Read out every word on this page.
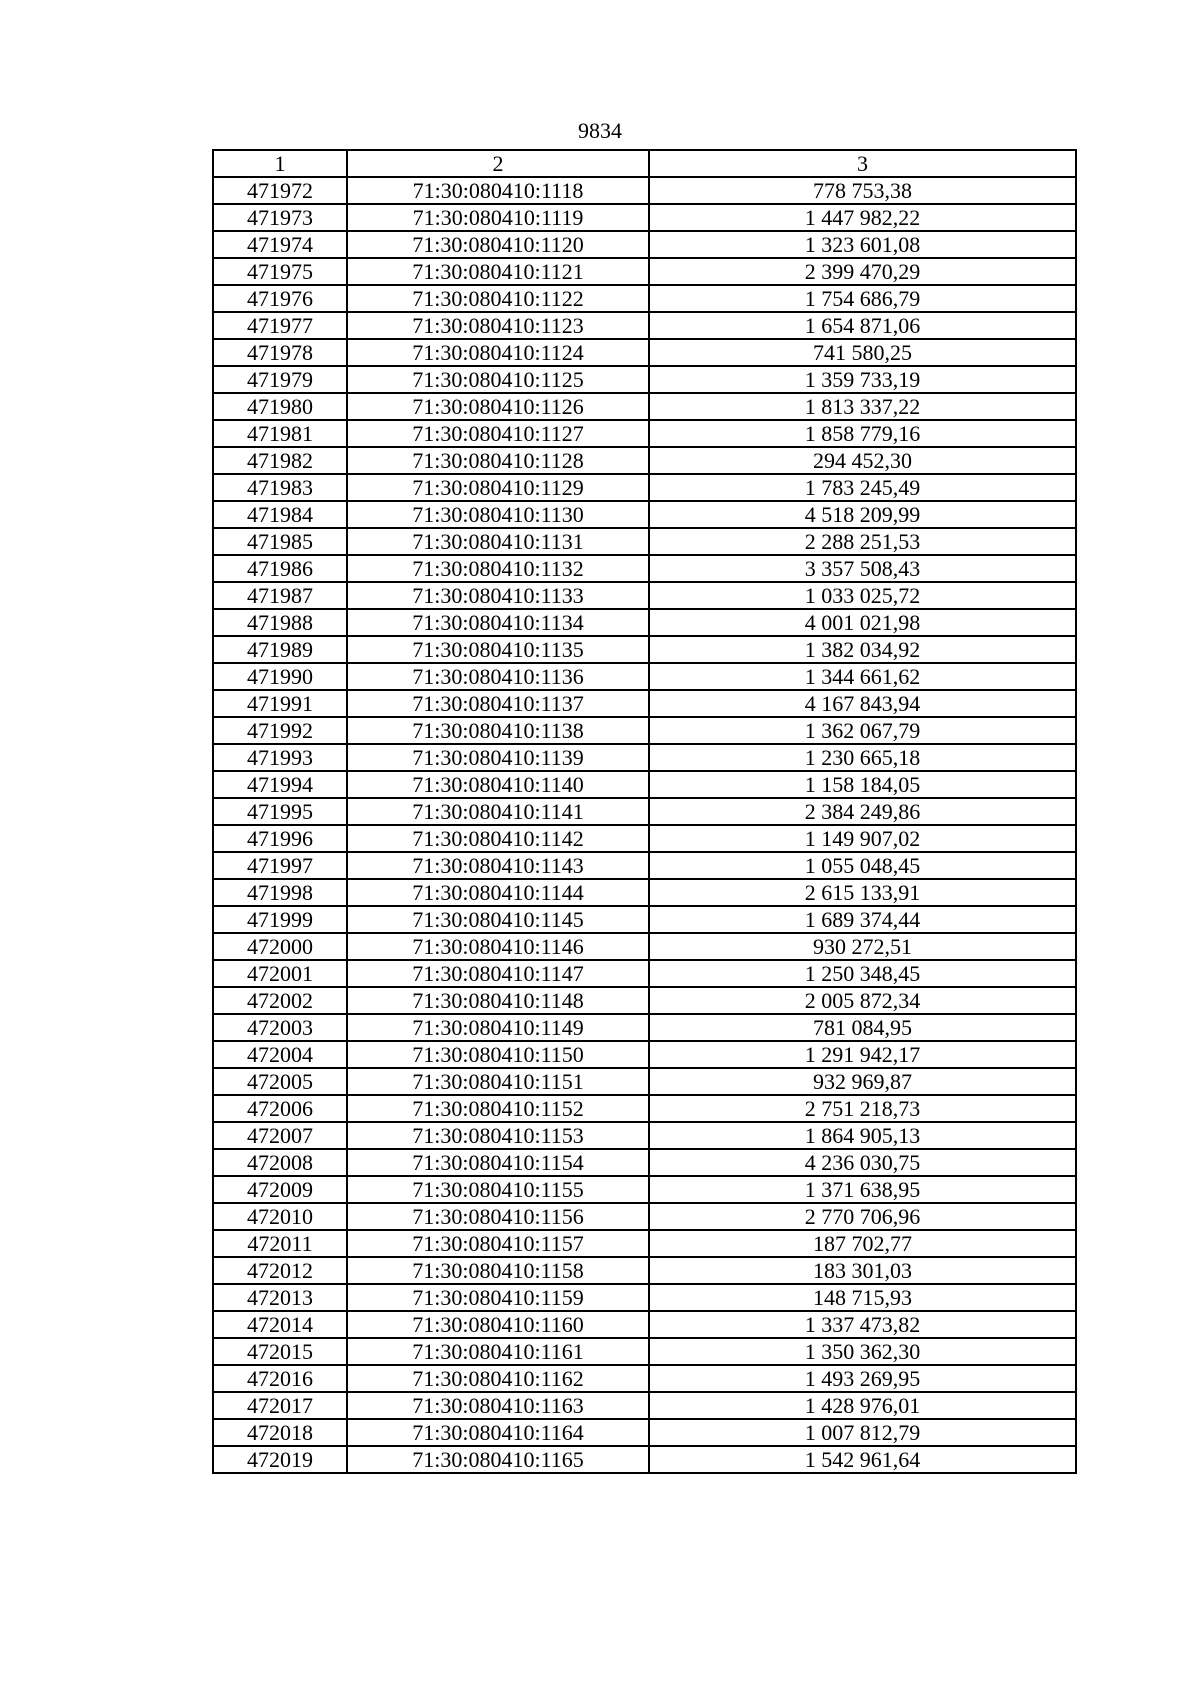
9834
1	2	3
471972	71:30:080410:1118	778 753,38
471973	71:30:080410:1119	1 447 982,22
471974	71:30:080410:1120	1 323 601,08
471975	71:30:080410:1121	2 399 470,29
471976	71:30:080410:1122	1 754 686,79
471977	71:30:080410:1123	1 654 871,06
471978	71:30:080410:1124	741 580,25
471979	71:30:080410:1125	1 359 733,19
471980	71:30:080410:1126	1 813 337,22
471981	71:30:080410:1127	1 858 779,16
471982	71:30:080410:1128	294 452,30
471983	71:30:080410:1129	1 783 245,49
471984	71:30:080410:1130	4 518 209,99
471985	71:30:080410:1131	2 288 251,53
471986	71:30:080410:1132	3 357 508,43
471987	71:30:080410:1133	1 033 025,72
471988	71:30:080410:1134	4 001 021,98
471989	71:30:080410:1135	1 382 034,92
471990	71:30:080410:1136	1 344 661,62
471991	71:30:080410:1137	4 167 843,94
471992	71:30:080410:1138	1 362 067,79
471993	71:30:080410:1139	1 230 665,18
471994	71:30:080410:1140	1 158 184,05
471995	71:30:080410:1141	2 384 249,86
471996	71:30:080410:1142	1 149 907,02
471997	71:30:080410:1143	1 055 048,45
471998	71:30:080410:1144	2 615 133,91
471999	71:30:080410:1145	1 689 374,44
472000	71:30:080410:1146	930 272,51
472001	71:30:080410:1147	1 250 348,45
472002	71:30:080410:1148	2 005 872,34
472003	71:30:080410:1149	781 084,95
472004	71:30:080410:1150	1 291 942,17
472005	71:30:080410:1151	932 969,87
472006	71:30:080410:1152	2 751 218,73
472007	71:30:080410:1153	1 864 905,13
472008	71:30:080410:1154	4 236 030,75
472009	71:30:080410:1155	1 371 638,95
472010	71:30:080410:1156	2 770 706,96
472011	71:30:080410:1157	187 702,77
472012	71:30:080410:1158	183 301,03
472013	71:30:080410:1159	148 715,93
472014	71:30:080410:1160	1 337 473,82
472015	71:30:080410:1161	1 350 362,30
472016	71:30:080410:1162	1 493 269,95
472017	71:30:080410:1163	1 428 976,01
472018	71:30:080410:1164	1 007 812,79
472019	71:30:080410:1165	1 542 961,64
